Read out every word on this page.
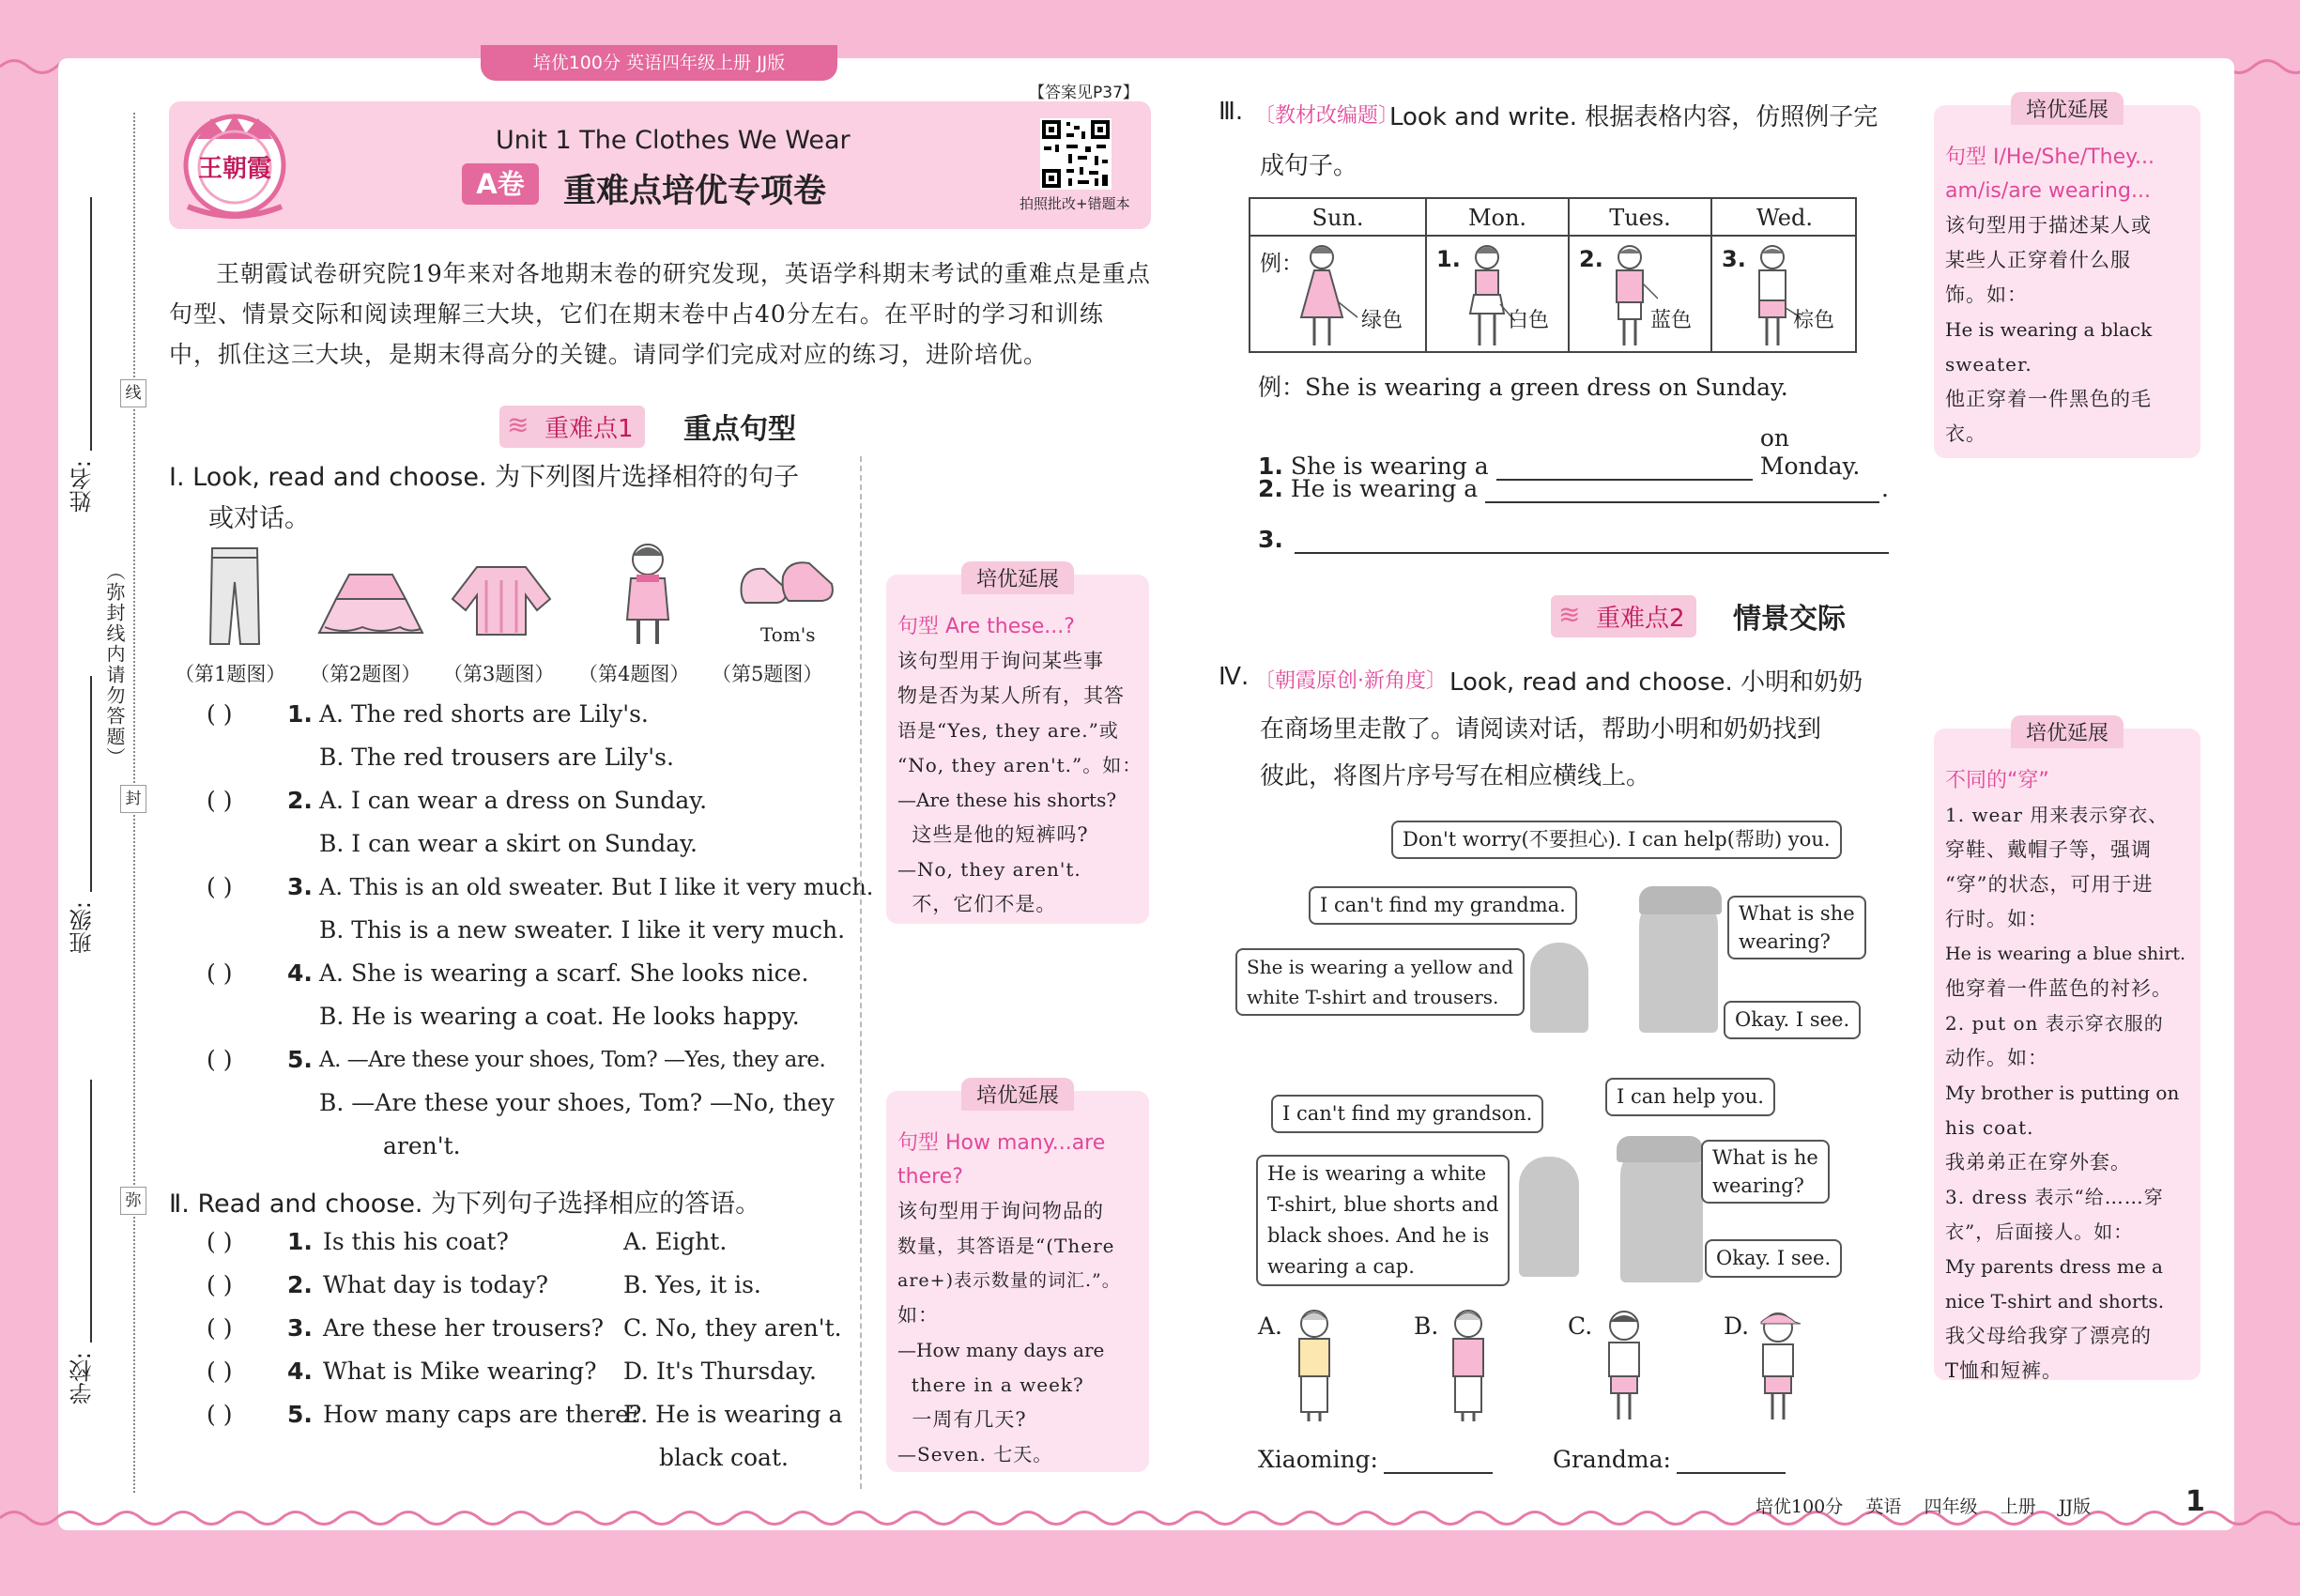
培优100分 英语四年级上册 JJ版
姓名:
线
（弥封线内请勿答题）
封
班级:
弥
学校:
王朝霞
【答案见P37】
Unit 1 The Clothes We Wear
A卷	重难点培优专项卷	拍照批改+错题本
王朝霞试卷研究院19年来对各地期末卷的研究发现，英语学科期末考试的重难点是重点句型、情景交际和阅读理解三大块，它们在期末卷中占40分左右。在平时的学习和训练中，抓住这三大块，是期末得高分的关键。请同学们完成对应的练习，进阶培优。
≋ 重难点1	重点句型
Ⅰ. Look, read and choose. 为下列图片选择相符的句子
或对话。
Tom's
（第1题图） （第2题图） （第3题图） （第4题图） （第5题图）
( ) 1. A. The red shorts are Lily's.
B. The red trousers are Lily's.
( ) 2. A. I can wear a dress on Sunday.
B. I can wear a skirt on Sunday.
( ) 3. A. This is an old sweater. But I like it very much.
B. This is a new sweater. I like it very much.
( ) 4. A. She is wearing a scarf. She looks nice.
B. He is wearing a coat. He looks happy.
( ) 5. A. —Are these your shoes, Tom? —Yes, they are.
B. —Are these your shoes, Tom? —No, they
aren't.
Ⅱ. Read and choose. 为下列句子选择相应的答语。
( ) 1. Is this his coat?	A. Eight.
( ) 2. What day is today?	B. Yes, it is.
( ) 3. Are these her trousers? C. No, they aren't.
( ) 4. What is Mike wearing? D. It's Thursday.
( ) 5. How many caps are there?
E. He is wearing a
black coat.
培优延展
句型 Are these...?
该句型用于询问某些事
物是否为某人所有，其答
语是“Yes, they are.”或
“No, they aren't.”。如：
—Are these his shorts?
这些是他的短裤吗?
—No, they aren't.
不，它们不是。
培优延展
句型 How many...are
there?
该句型用于询问物品的
数量，其答语是“(There
are+)表示数量的词汇.”。
如：
—How many days are
there in a week?
一周有几天?
—Seven. 七天。
Ⅲ. 〔教材改编题〕
Look and write. 根据表格内容，仿照例子完
成句子。
Sun.	Mon.	Tues.	Wed.
例：
绿色
1.
白色
2.
蓝色
3.
棕色
例：She is wearing a green dress on Sunday.
1. She is wearing a
on Monday.
2. He is wearing a	.
3.
培优延展
句型 I/He/She/They...
am/is/are wearing...
该句型用于描述某人或
某些人正穿着什么服
饰。如：
He is wearing a black
sweater.
他正穿着一件黑色的毛
衣。
≋ 重难点2	情景交际
Ⅳ. 〔朝霞原创·新角度〕 Look, read and choose. 小明和奶奶
在商场里走散了。请阅读对话，帮助小明和奶奶找到
彼此，将图片序号写在相应横线上。
Don't worry(不要担心). I can help(帮助) you.
I can't find my grandma.	What is she
wearing?
She is wearing a yellow and
white T-shirt and trousers.
Okay. I see.
I can't find my grandson.
I can help you.
What is he
wearing?
He is wearing a white
T-shirt, blue shorts and
black shoes. And he is
wearing a cap.	Okay. I see.
A.	B.	C.	D.
Xiaoming:	Grandma:
培优延展
不同的“穿”
1. wear 用来表示穿衣、
穿鞋、戴帽子等，强调
“穿”的状态，可用于进
行时。如：
He is wearing a blue shirt.
他穿着一件蓝色的衬衫。
2. put on 表示穿衣服的
动作。如：
My brother is putting on
his coat.
我弟弟正在穿外套。
3. dress 表示“给……穿
衣”，后面接人。如：
My parents dress me a
nice T-shirt and shorts.
我父母给我穿了漂亮的
T恤和短裤。
培优100分    英语    四年级    上册    JJ版	1
